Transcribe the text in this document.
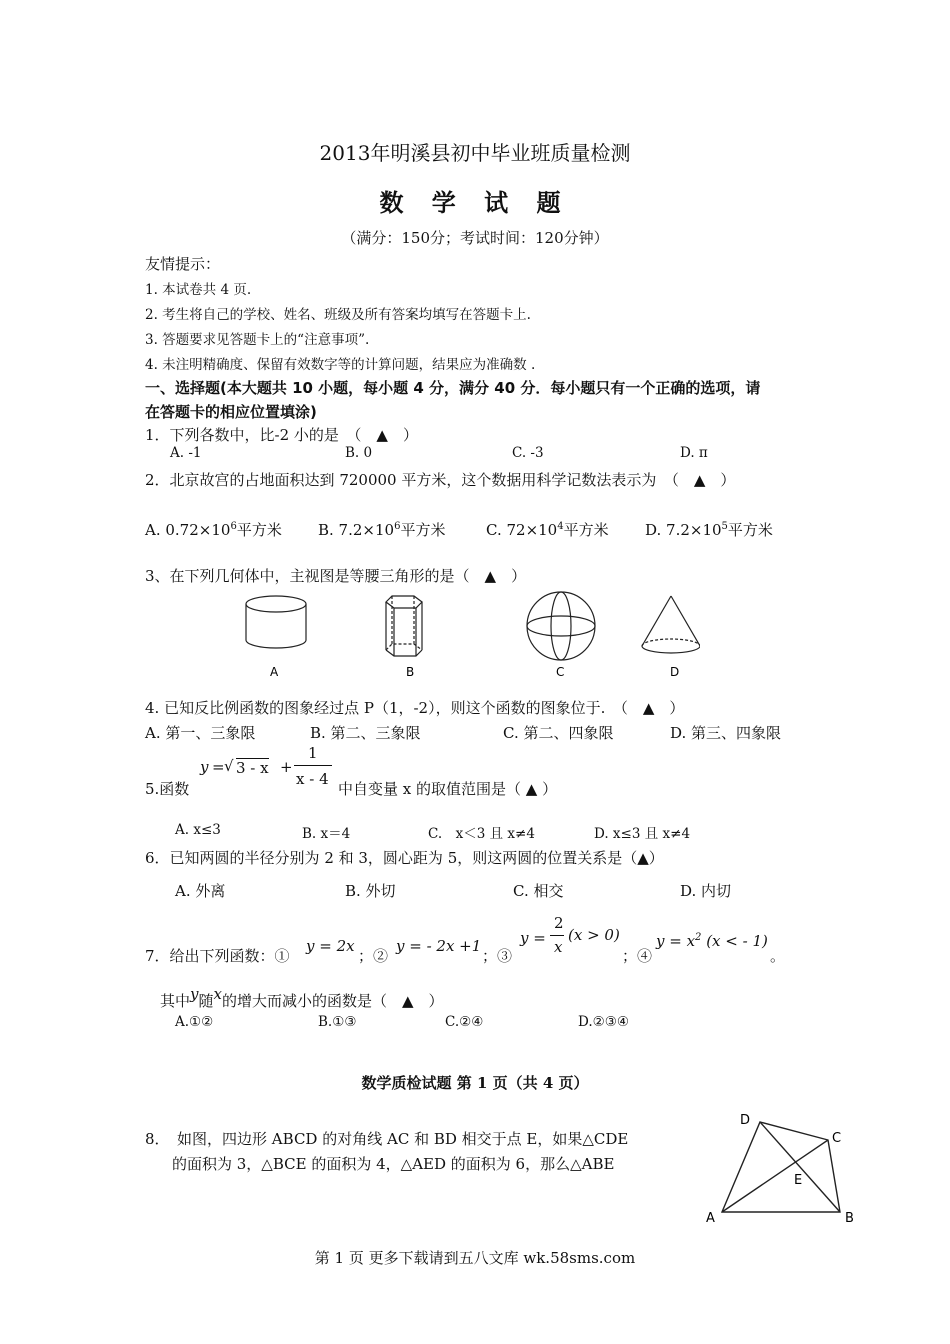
2013年明溪县初中毕业班质量检测
数 学 试 题
（满分：150分；考试时间：120分钟）
友情提示：
1. 本试卷共 4 页.
2. 考生将自己的学校、姓名、班级及所有答案均填写在答题卡上.
3. 答题要求见答题卡上的“注意事项”.
4. 未注明精确度、保留有效数字等的计算问题，结果应为准确数 .
一、选择题(本大题共 10 小题，每小题 4 分，满分 40 分．每小题只有一个正确的选项，请
在答题卡的相应位置填涂)
1．下列各数中，比-2 小的是　（　▲　）
A. -1	B. 0	C. -3	D. π
2．北京故宫的占地面积达到 720000 平方米，这个数据用科学记数法表示为　（　▲　）
A. $0.72\times 10^6$平方米 B. $7.2\times 10^6$平方米	C. $72\times 10^4$平方米 D. $7.2\times 10^5$平方米
3、在下列几何体中，主视图是等腰三角形的是（　▲　）
A	B	C	D
4. 已知反比例函数的图象经过点 P（1，-2），则这个函数的图象位于.　（　▲　）
A. 第一、三象限	B. 第二、三象限	C. 第二、四象限	D. 第三、四象限
5.函数
y = √ 3 - x +
1
x - 4
中自变量 x 的取值范围是（ ▲ ）
A. x≤3	B. x＝4	C.　x＜3 且 x≠4	D. x≤3 且 x≠4
6．已知两圆的半径分别为 2 和 3，圆心距为 5，则这两圆的位置关系是（▲）
A. 外离	B. 外切	C. 相交	D. 内切
7．给出下列函数：①
y = 2x
；②
y = - 2x +1
；③
y =
2
x
(x > 0)
；④
$y = x^2$ (x < - 1)
。
其中y随x的增大而减小的函数是（　▲　）
A.①②	B.①③	C.②④	D.②③④
数学质检试题 第 1 页（共 4 页）
8．　如图，四边形 ABCD 的对角线 AC 和 BD 相交于点 E，如果△CDE
的面积为 3，△BCE 的面积为 4，△AED 的面积为 6，那么△ABE
D
C
E
A	B
第 1 页 更多下载请到五八文库 wk.58sms.com
